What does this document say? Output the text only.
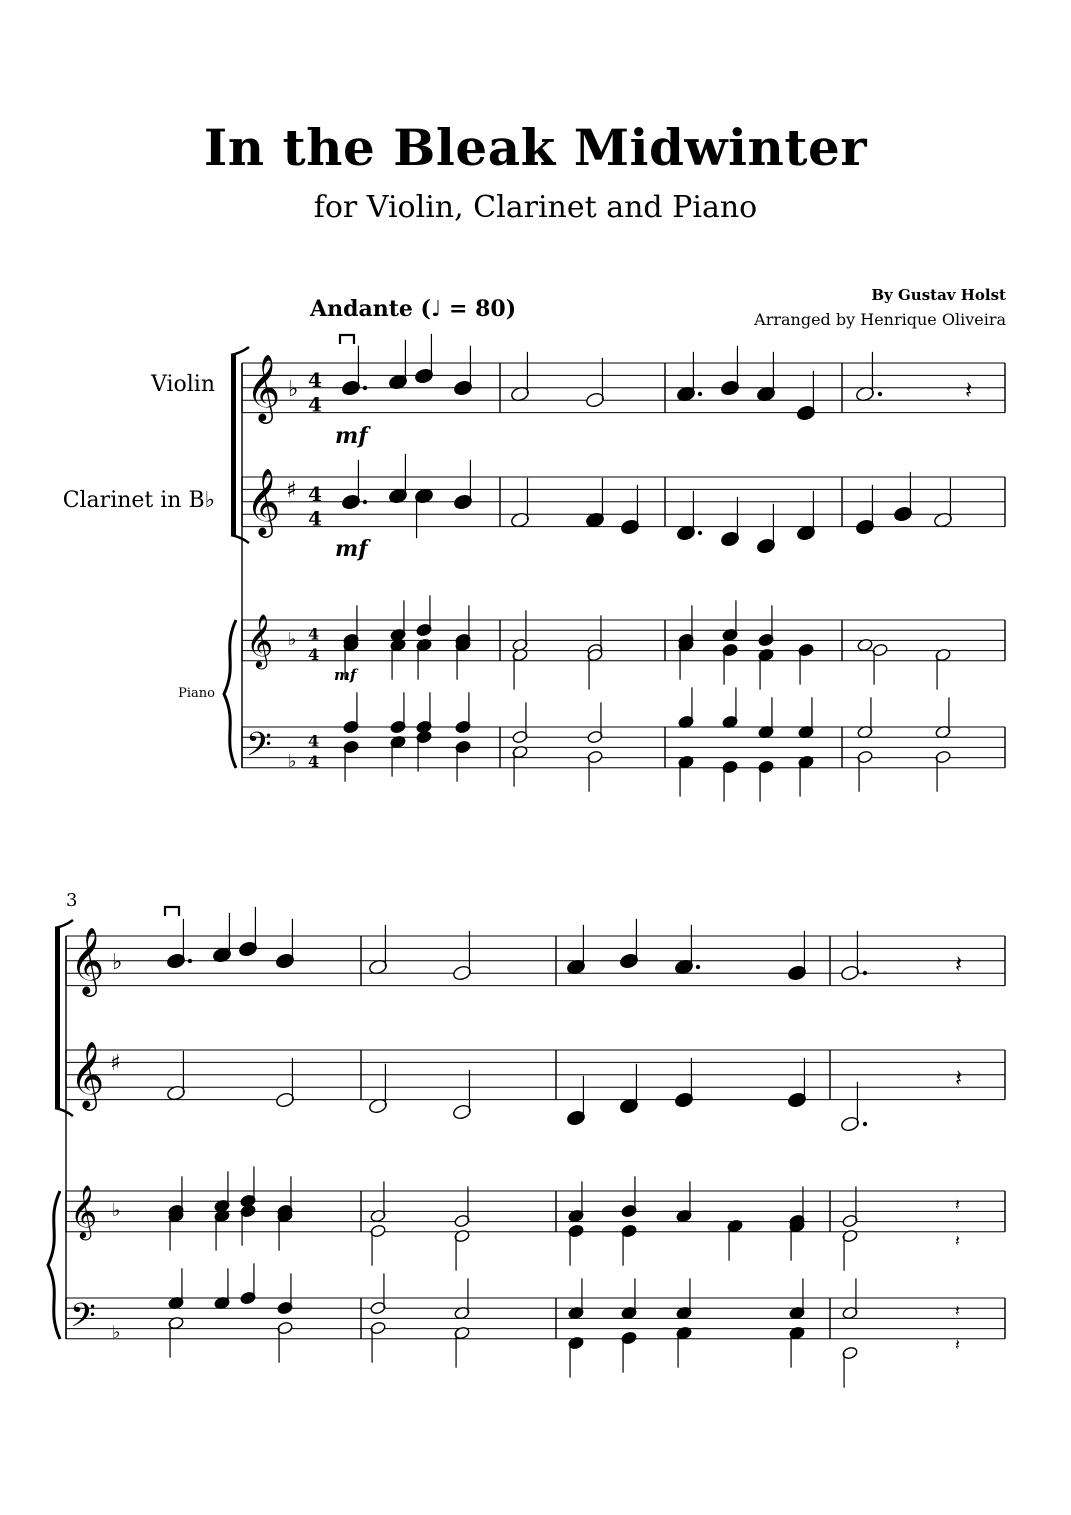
In the Bleak Midwinter
for Violin, Clarinet and Piano
By Gustav Holst
Arranged by Henrique Oliveira
Andante (♩ = 80)
Violin
Clarinet in B♭
Piano
3
𝄞 ♭ 4
4
𝄞 ♯ 4
4
𝄞 ♭ 4
4
𝄢 ♭
4
4
𝄞 ♭
𝄞 ♯
𝄞 ♭
𝄢 ♭
𝄽
𝄽
𝄽
𝄽
𝄽
𝄽
𝄽
mf
mf
mf
